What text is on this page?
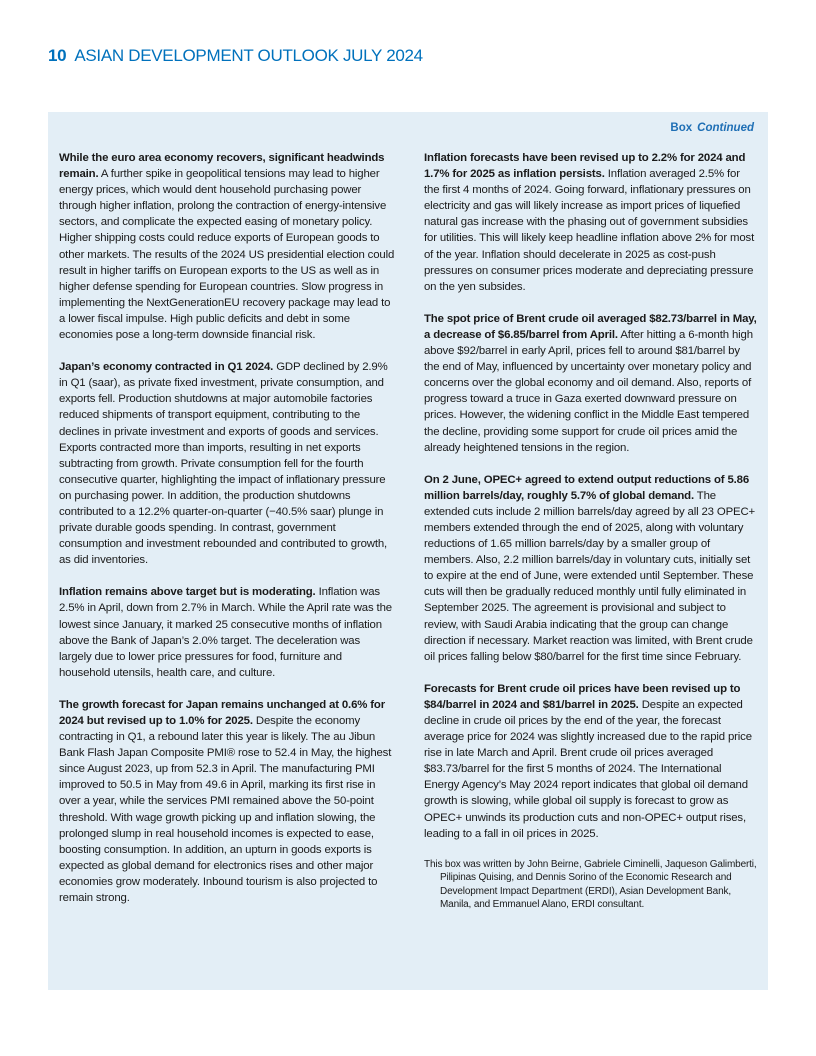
10 ASIAN DEVELOPMENT OUTLOOK JULY 2024
Box Continued

While the euro area economy recovers, significant headwinds remain. A further spike in geopolitical tensions may lead to higher energy prices, which would dent household purchasing power through higher inflation, prolong the contraction of energy-intensive sectors, and complicate the expected easing of monetary policy. Higher shipping costs could reduce exports of European goods to other markets. The results of the 2024 US presidential election could result in higher tariffs on European exports to the US as well as in higher defense spending for European countries. Slow progress in implementing the NextGenerationEU recovery package may lead to a lower fiscal impulse. High public deficits and debt in some economies pose a long-term downside financial risk.

Japan’s economy contracted in Q1 2024. GDP declined by 2.9% in Q1 (saar), as private fixed investment, private consumption, and exports fell. Production shutdowns at major automobile factories reduced shipments of transport equipment, contributing to the declines in private investment and exports of goods and services. Exports contracted more than imports, resulting in net exports subtracting from growth. Private consumption fell for the fourth consecutive quarter, highlighting the impact of inflationary pressure on purchasing power. In addition, the production shutdowns contributed to a 12.2% quarter-on-quarter (−40.5% saar) plunge in private durable goods spending. In contrast, government consumption and investment rebounded and contributed to growth, as did inventories.

Inflation remains above target but is moderating. Inflation was 2.5% in April, down from 2.7% in March. While the April rate was the lowest since January, it marked 25 consecutive months of inflation above the Bank of Japan’s 2.0% target. The deceleration was largely due to lower price pressures for food, furniture and household utensils, health care, and culture.

The growth forecast for Japan remains unchanged at 0.6% for 2024 but revised up to 1.0% for 2025. Despite the economy contracting in Q1, a rebound later this year is likely. The au Jibun Bank Flash Japan Composite PMI® rose to 52.4 in May, the highest since August 2023, up from 52.3 in April. The manufacturing PMI improved to 50.5 in May from 49.6 in April, marking its first rise in over a year, while the services PMI remained above the 50-point threshold. With wage growth picking up and inflation slowing, the prolonged slump in real household incomes is expected to ease, boosting consumption. In addition, an upturn in goods exports is expected as global demand for electronics rises and other major economies grow moderately. Inbound tourism is also projected to remain strong.

Inflation forecasts have been revised up to 2.2% for 2024 and 1.7% for 2025 as inflation persists. Inflation averaged 2.5% for the first 4 months of 2024. Going forward, inflationary pressures on electricity and gas will likely increase as import prices of liquefied natural gas increase with the phasing out of government subsidies for utilities. This will likely keep headline inflation above 2% for most of the year. Inflation should decelerate in 2025 as cost-push pressures on consumer prices moderate and depreciating pressure on the yen subsides.

The spot price of Brent crude oil averaged $82.73/barrel in May, a decrease of $6.85/barrel from April. After hitting a 6-month high above $92/barrel in early April, prices fell to around $81/barrel by the end of May, influenced by uncertainty over monetary policy and concerns over the global economy and oil demand. Also, reports of progress toward a truce in Gaza exerted downward pressure on prices. However, the widening conflict in the Middle East tempered the decline, providing some support for crude oil prices amid the already heightened tensions in the region.

On 2 June, OPEC+ agreed to extend output reductions of 5.86 million barrels/day, roughly 5.7% of global demand. The extended cuts include 2 million barrels/day agreed by all 23 OPEC+ members extended through the end of 2025, along with voluntary reductions of 1.65 million barrels/day by a smaller group of members. Also, 2.2 million barrels/day in voluntary cuts, initially set to expire at the end of June, were extended until September. These cuts will then be gradually reduced monthly until fully eliminated in September 2025. The agreement is provisional and subject to review, with Saudi Arabia indicating that the group can change direction if necessary. Market reaction was limited, with Brent crude oil prices falling below $80/barrel for the first time since February.

Forecasts for Brent crude oil prices have been revised up to $84/barrel in 2024 and $81/barrel in 2025. Despite an expected decline in crude oil prices by the end of the year, the forecast average price for 2024 was slightly increased due to the rapid price rise in late March and April. Brent crude oil prices averaged $83.73/barrel for the first 5 months of 2024. The International Energy Agency’s May 2024 report indicates that global oil demand growth is slowing, while global oil supply is forecast to grow as OPEC+ unwinds its production cuts and non-OPEC+ output rises, leading to a fall in oil prices in 2025.

This box was written by John Beirne, Gabriele Ciminelli, Jaqueson Galimberti, Pilipinas Quising, and Dennis Sorino of the Economic Research and Development Impact Department (ERDI), Asian Development Bank, Manila, and Emmanuel Alano, ERDI consultant.
